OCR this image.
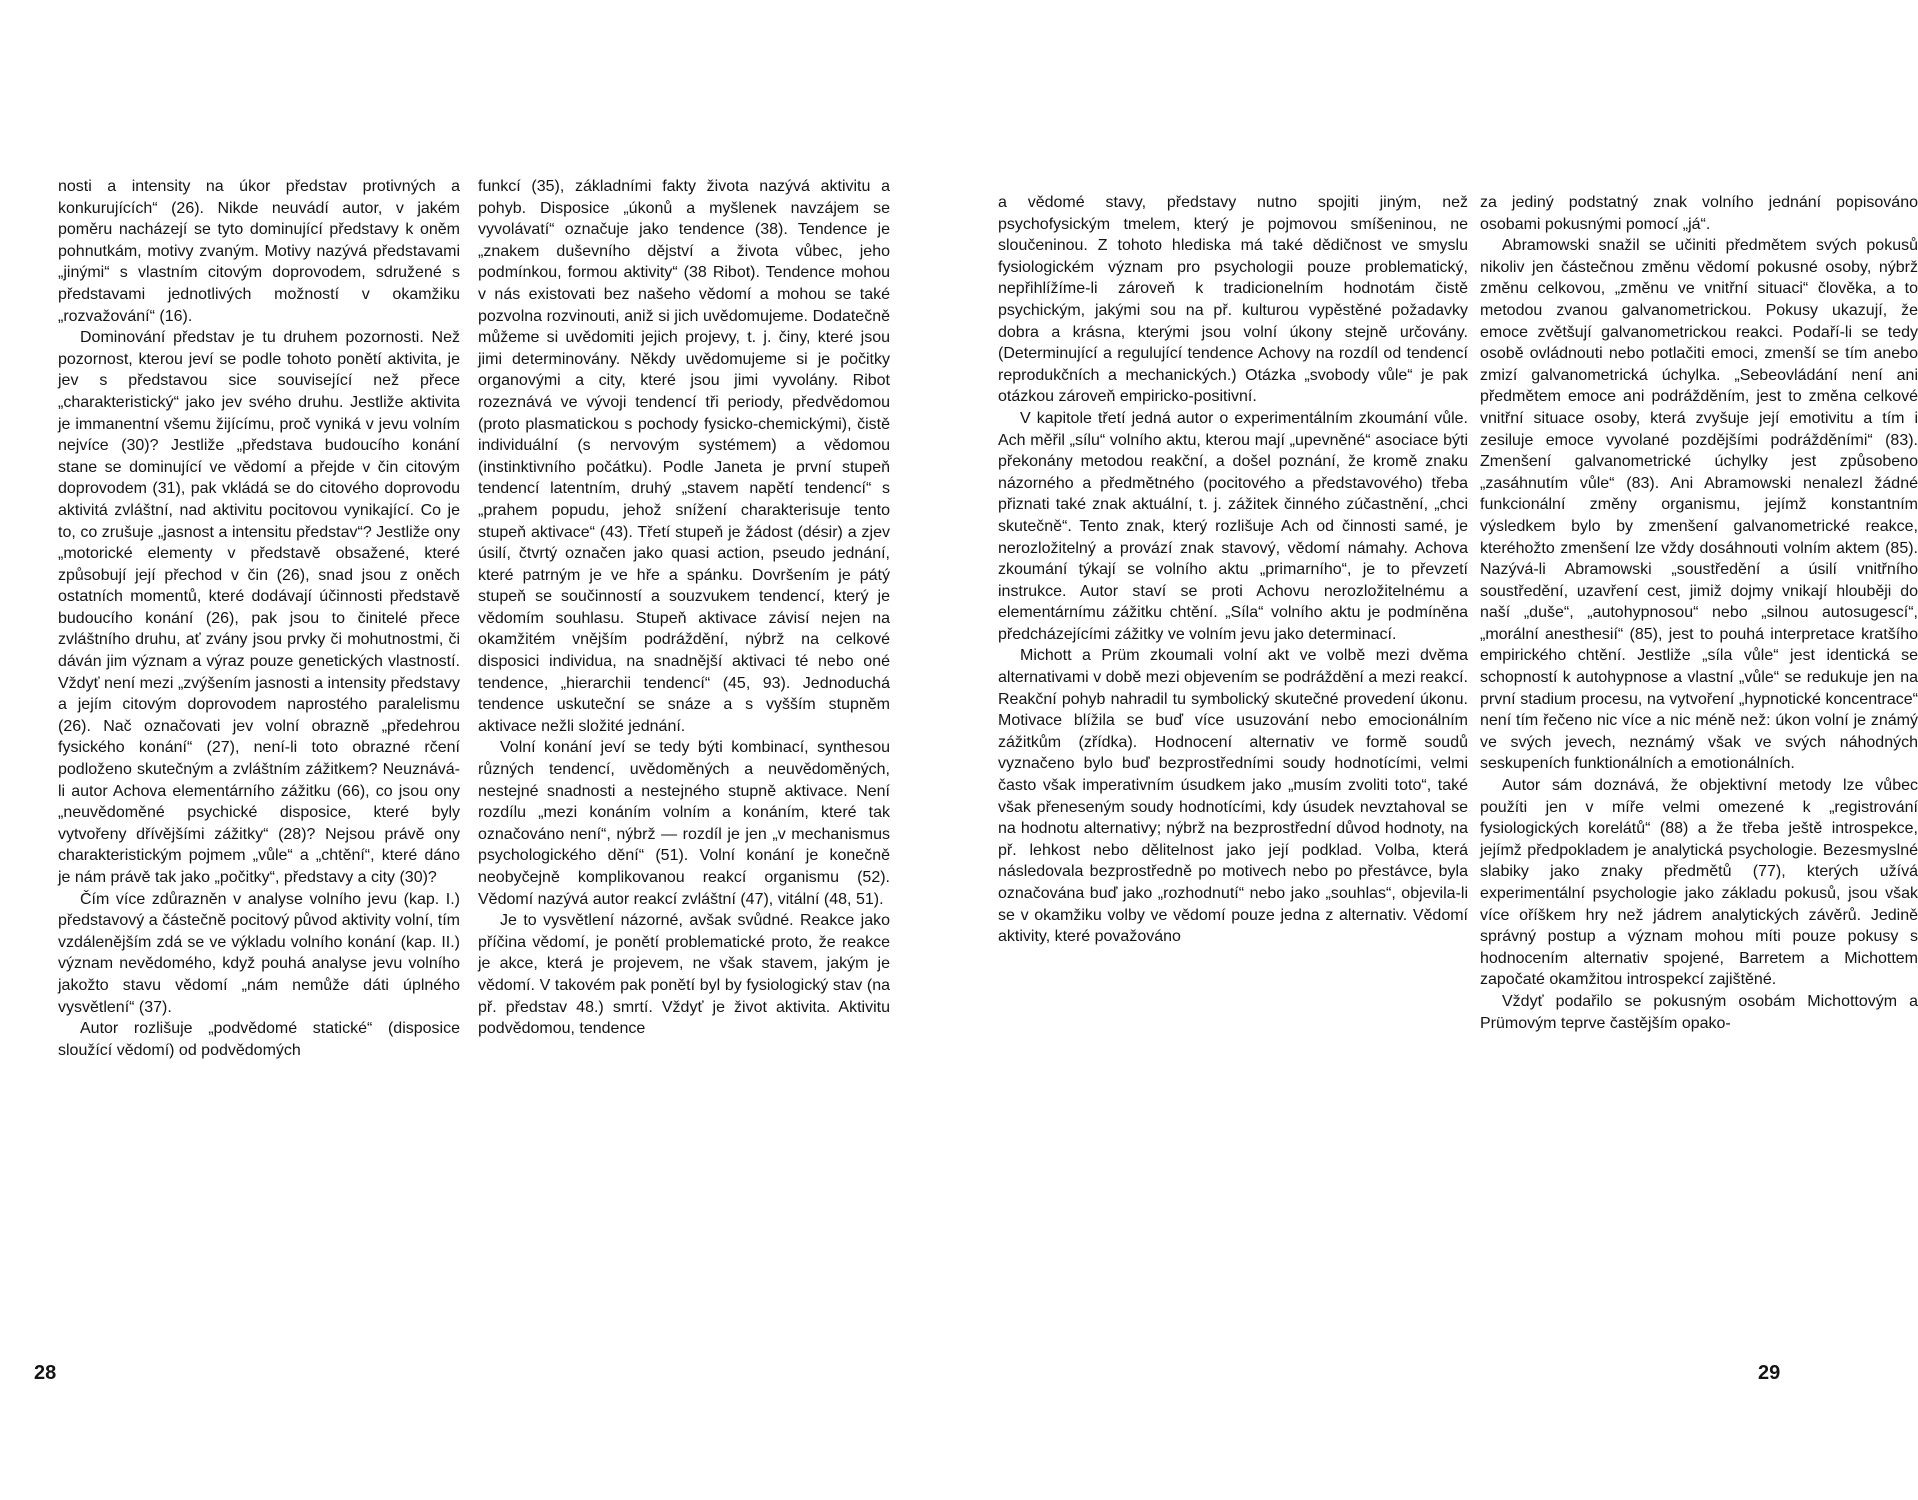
nosti a intensity na úkor představ protivných a konkurujících“ (26). Nikde neuvádí autor, v jakém poměru nacházejí se tyto dominující představy k oněm pohnutkám, motivy zvaným. Motivy nazývá představami „jinými“ s vlastním citovým doprovodem, sdružené s představami jednotlivých možností v okamžiku „rozvažování“ (16).

Dominování představ je tu druhem pozornosti. Než pozornost, kterou jeví se podle tohoto ponětí aktivita, je jev s představou sice související než přece „charakteristický“ jako jev svého druhu. Jestliže aktivita je immanentní všemu žijícímu, proč vyniká v jevu volním nejvíce (30)? Jestliže „představa budoucího konání stane se dominující ve vědomí a přejde v čin citovým doprovodem (31), pak vkládá se do citového doprovodu aktivitá zvláštní, nad aktivitu pocitovou vynikající. Co je to, co zrušuje „jasnost a intensitu představ“? Jestliže ony „motorické elementy v představě obsažené, které způsobují její přechod v čin (26), snad jsou z oněch ostatních momentů, které dodávají účinnosti představě budoucího konání (26), pak jsou to činitelé přece zvláštního druhu, ať zvány jsou prvky či mohutnostmi, či dáván jim význam a výraz pouze genetických vlastností. Vždyť není mezi „zvýšením jasnosti a intensity představy a jejím citovým doprovodem naprostého paralelismu (26). Nač označovati jev volní obrazně „předehrou fysického konání“ (27), není-li toto obrazné rčení podloženo skutečným a zvláštním zážitkem? Neuznává-li autor Achova elementárního zážitku (66), co jsou ony „neuvědoměné psychické disposice, které byly vytvořeny dřívějšími zážitky“ (28)? Nejsou právě ony charakteristickým pojmem „vůle“ a „chtění“, které dáno je nám právě tak jako „počitky“, představy a city (30)?

Čím více zdůrazněn v analyse volního jevu (kap. I.) představový a částečně pocitový původ aktivity volní, tím vzdálenějším zdá se ve výkladu volního konání (kap. II.) význam nevědomého, když pouhá analyse jevu volního jakožto stavu vědomí „nám nemůže dáti úplného vysvětlení“ (37).

Autor rozlišuje „podvědomé statické“ (disposice sloužící vědomí) od podvědomých

funkcí (35), základními fakty života nazývá aktivitu a pohyb. Disposice „úkonů a myšlenek navzájem se vyvolávatí“ označuje jako tendence (38). Tendence je „znakem duševního dějství a života vůbec, jeho podmínkou, formou aktivity“ (38 Ribot). Tendence mohou v nás existovati bez našeho vědomí a mohou se také pozvolna rozvinouti, aniž si jich uvědomujeme. Dodatečně můžeme si uvědomiti jejich projevy, t. j. činy, které jsou jimi determinovány. Někdy uvědomujeme si je počitky organovými a city, které jsou jimi vyvolány. Ribot rozeznává ve vývoji tendencí tři periody, předvědomou (proto plasmatickou s pochody fysicko-chemickými), čistě individuální (s nervovým systémem) a vědomou (instinktivního počátku). Podle Janeta je první stupeň tendencí latentním, druhý „stavem napětí tendencí“ s „prahem popudu, jehož snížení charakterisuje tento stupeň aktivace“ (43). Třetí stupeň je žádost (désir) a zjev úsilí, čtvrtý označen jako quasi action, pseudo jednání, které patrným je ve hře a spánku. Dovršením je pátý stupeň se součinností a souzvukem tendencí, který je vědomím souhlasu. Stupeň aktivace závisí nejen na okamžitém vnějším podráždění, nýbrž na celkové disposici individua, na snadnější aktivaci té nebo oné tendence, „hierarchii tendencí“ (45, 93). Jednoduchá tendence uskuteční se snáze a s vyšším stupněm aktivace nežli složité jednání.

Volní konání jeví se tedy býti kombinací, synthesou různých tendencí, uvědoměných a neuvědoměných, nestejné snadnosti a nestejného stupně aktivace. Není rozdílu „mezi konáním volním a konáním, které tak označováno není“, nýbrž — rozdíl je jen „v mechanismus psychologického dění“ (51). Volní konání je konečně neobyčejně komplikovanou reakcí organismu (52). Vědomí nazývá autor reakcí zvláštní (47), vitální (48, 51).

Je to vysvětlení názorné, avšak svůdné. Reakce jako příčina vědomí, je ponětí problematické proto, že reakce je akce, která je projevem, ne však stavem, jakým je vědomí. V takovém pak ponětí byl by fysiologický stav (na př. představ 48.) smrtí. Vždyť je život aktivita. Aktivitu podvědomou, tendence

28

a vědomé stavy, představy nutno spojiti jiným, než psychofysickým tmelem, který je pojmovou smíšeninou, ne sloučeninou. Z tohoto hlediska má také dědičnost ve smyslu fysiologickém význam pro psychologii pouze problematický, nepřihlížíme-li zároveň k tradicionelním hodnotám čistě psychickým, jakými sou na př. kulturou vypěstěné požadavky dobra a krásna, kterými jsou volní úkony stejně určovány. (Determinující a regulující tendence Achovy na rozdíl od tendencí reprodukčních a mechanických.) Otázka „svobody vůle“ je pak otázkou zároveň empiricko-positivní.

V kapitole třetí jedná autor o experimentálním zkoumání vůle. Ach měřil „sílu“ volního aktu, kterou mají „upevněné“ asociace býti překonány metodou reakční, a došel poznání, že kromě znaku názorného a předmětného (pocitového a představového) třeba přiznati také znak aktuální, t. j. zážitek činného zúčastnění, „chci skutečně“. Tento znak, který rozlišuje Ach od činnosti samé, je nerozložitelný a provází znak stavový, vědomí námahy. Achova zkoumání týkají se volního aktu „primarního“, je to převzetí instrukce. Autor staví se proti Achovu nerozložitelnému a elementárnímu zážitku chtění. „Síla“ volního aktu je podmíněna předcházejícími zážitky ve volním jevu jako determinací.

Michott a Prüm zkoumali volní akt ve volbě mezi dvěma alternativami v době mezi objevením se podráždění a mezi reakcí. Reakční pohyb nahradil tu symbolický skutečné provedení úkonu. Motivace blížila se buď více usuzování nebo emocionálním zážitkům (zřídka). Hodnocení alternativ ve formě soudů vyznačeno bylo buď bezprostředními soudy hodnotícími, velmi často však imperativním úsudkem jako „musím zvoliti toto“, také však přeneseným soudy hodnotícími, kdy úsudek nevztahoval se na hodnotu alternativy; nýbrž na bezprostřední důvod hodnoty, na př. lehkost nebo dělitelnost jako její podklad. Volba, která následovala bezprostředně po motivech nebo po přestávce, byla označována buď jako „rozhodnutí“ nebo jako „souhlas“, objevila-li se v okamžiku volby ve vědomí pouze jedna z alternativ. Vědomí aktivity, které považováno

za jediný podstatný znak volního jednání popisováno osobami pokusnými pomocí „já“.

Abramowski snažil se učiniti předmětem svých pokusů nikoliv jen částečnou změnu vědomí pokusné osoby, nýbrž změnu celkovou, „změnu ve vnitřní situaci“ člověka, a to metodou zvanou galvanometrickou. Pokusy ukazují, že emoce zvětšují galvanometrickou reakci. Podaří-li se tedy osobě ovládnouti nebo potlačiti emoci, zmenší se tím anebo zmizí galvanometrická úchylka. „Sebeovládání není ani předmětem emoce ani podrážděním, jest to změna celkové vnitřní situace osoby, která zvyšuje její emotivitu a tím i zesiluje emoce vyvolané pozdějšími podrážděními“ (83). Zmenšení galvanometrické úchylky jest způsobeno „zasáhnutím vůle“ (83). Ani Abramowski nenalezl žádné funkcionální změny organismu, jejímž konstantním výsledkem bylo by zmenšení galvanometrické reakce, kteréhožto zmenšení lze vždy dosáhnouti volním aktem (85). Nazývá-li Abramowski „soustředění a úsilí vnitřního soustředění, uzavření cest, jimiž dojmy vnikají hlouběji do naší „duše“, „autohypnosou“ nebo „silnou autosugescí“, „morální anesthesií“ (85), jest to pouhá interpretace kratšího empirického chtění. Jestliže „síla vůle“ jest identická se schopností k autohypnose a vlastní „vůle“ se redukuje jen na první stadium procesu, na vytvoření „hypnotické koncentrace“ není tím řečeno nic více a nic méně než: úkon volní je známý ve svých jevech, neznámý však ve svých náhodných seskupeních funktionálních a emotionálních.

Autor sám doznává, že objektivní metody lze vůbec použíti jen v míře velmi omezené k „registrování fysiologických korelátů“ (88) a že třeba ještě introspekce, jejímž předpokladem je analytická psychologie. Bezesmyslné slabiky jako znaky předmětů (77), kterých užívá experimentální psychologie jako základu pokusů, jsou však více oříškem hry než jádrem analytických závěrů. Jedině správný postup a význam mohou míti pouze pokusy s hodnocením alternativ spojené, Barretem a Michottem započaté okamžitou introspekcí zajištěné.

Vždyť podařilo se pokusným osobám Michottovým a Prümovým teprve častějším opako-

29
